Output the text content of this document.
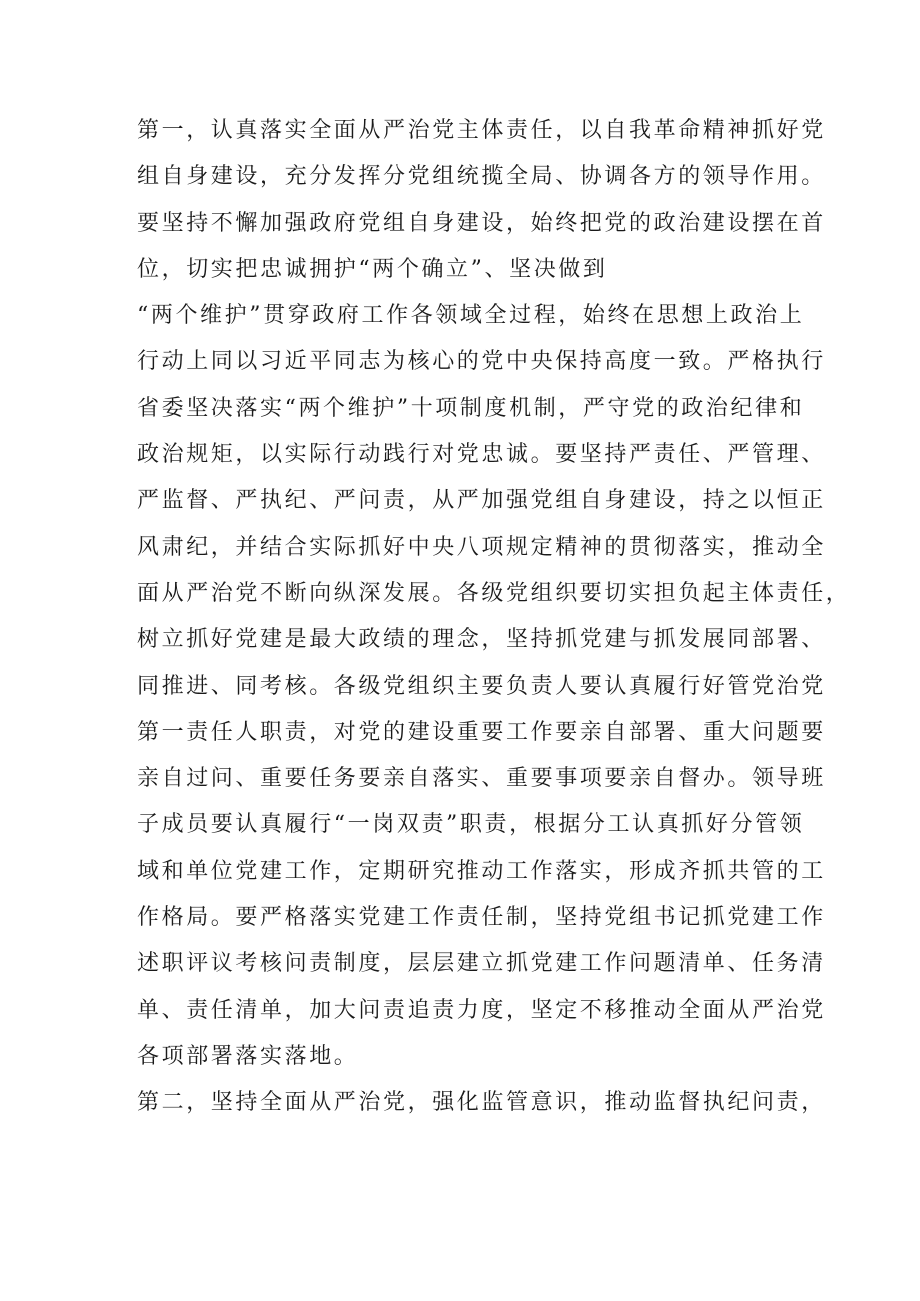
第一，认真落实全面从严治党主体责任，以自我革命精神抓好党
组自身建设，充分发挥分党组统揽全局、协调各方的领导作用。
要坚持不懈加强政府党组自身建设，始终把党的政治建设摆在首
位，切实把忠诚拥护“两个确立”、坚决做到
“两个维护”贯穿政府工作各领域全过程，始终在思想上政治上
行动上同以习近平同志为核心的党中央保持高度一致。严格执行
省委坚决落实“两个维护”十项制度机制，严守党的政治纪律和
政治规矩，以实际行动践行对党忠诚。要坚持严责任、严管理、
严监督、严执纪、严问责，从严加强党组自身建设，持之以恒正
风肃纪，并结合实际抓好中央八项规定精神的贯彻落实，推动全
面从严治党不断向纵深发展。各级党组织要切实担负起主体责任，
树立抓好党建是最大政绩的理念，坚持抓党建与抓发展同部署、
同推进、同考核。各级党组织主要负责人要认真履行好管党治党
第一责任人职责，对党的建设重要工作要亲自部署、重大问题要
亲自过问、重要任务要亲自落实、重要事项要亲自督办。领导班
子成员要认真履行“一岗双责”职责，根据分工认真抓好分管领
域和单位党建工作，定期研究推动工作落实，形成齐抓共管的工
作格局。要严格落实党建工作责任制，坚持党组书记抓党建工作
述职评议考核问责制度，层层建立抓党建工作问题清单、任务清
单、责任清单，加大问责追责力度，坚定不移推动全面从严治党
各项部署落实落地。
第二，坚持全面从严治党，强化监管意识，推动监督执纪问责，
